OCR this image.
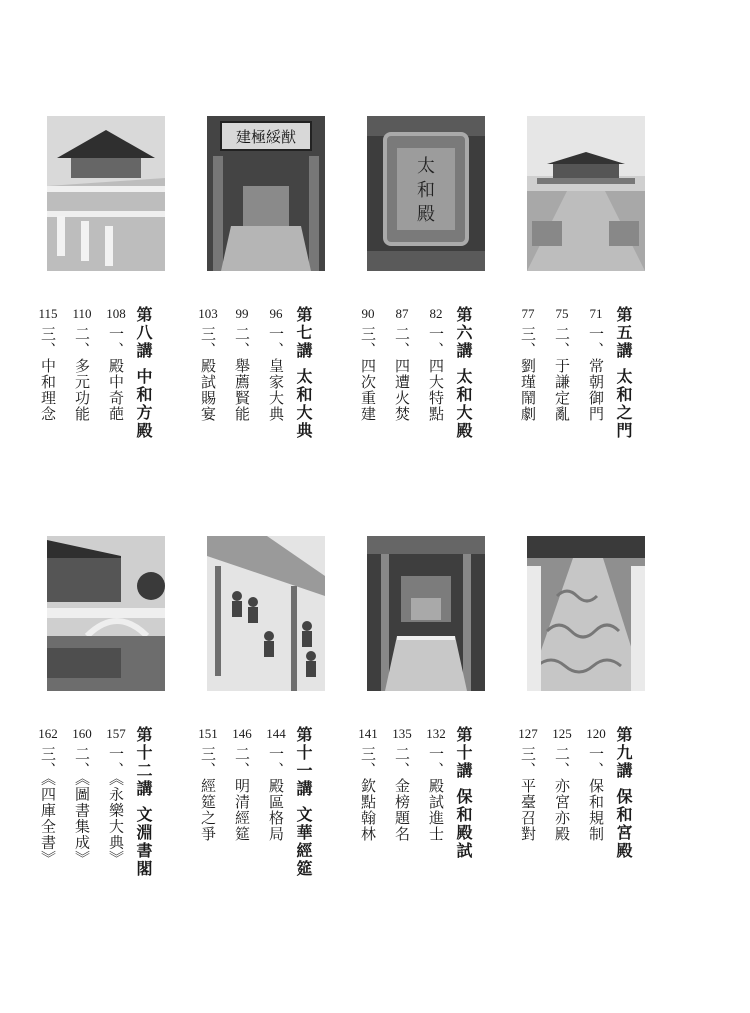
第五講太和之門
71
一、常朝御門
75
二、于謙定亂
77
三、劉瑾鬧劇
太
和
殿
第六講太和大殿
82
一、四大特點
87
二、四遭火焚
90
三、四次重建
建極綏猷
第七講太和大典
96
一、皇家大典
99
二、舉薦賢能
103
三、殿試賜宴
第八講中和方殿
108
一、殿中奇葩
110
二、多元功能
115
三、中和理念
第九講保和宮殿
120
一、保和規制
125
二、亦宮亦殿
127
三、平臺召對
第十講保和殿試
132
一、殿試進士
135
二、金榜題名
141
三、欽點翰林
第十一講文華經筵
144
一、殿區格局
146
二、明清經筵
151
三、經筵之爭
第十二講文淵書閣
157
一、《永樂大典》
160
二、《圖書集成》
162
三、《四庫全書》
